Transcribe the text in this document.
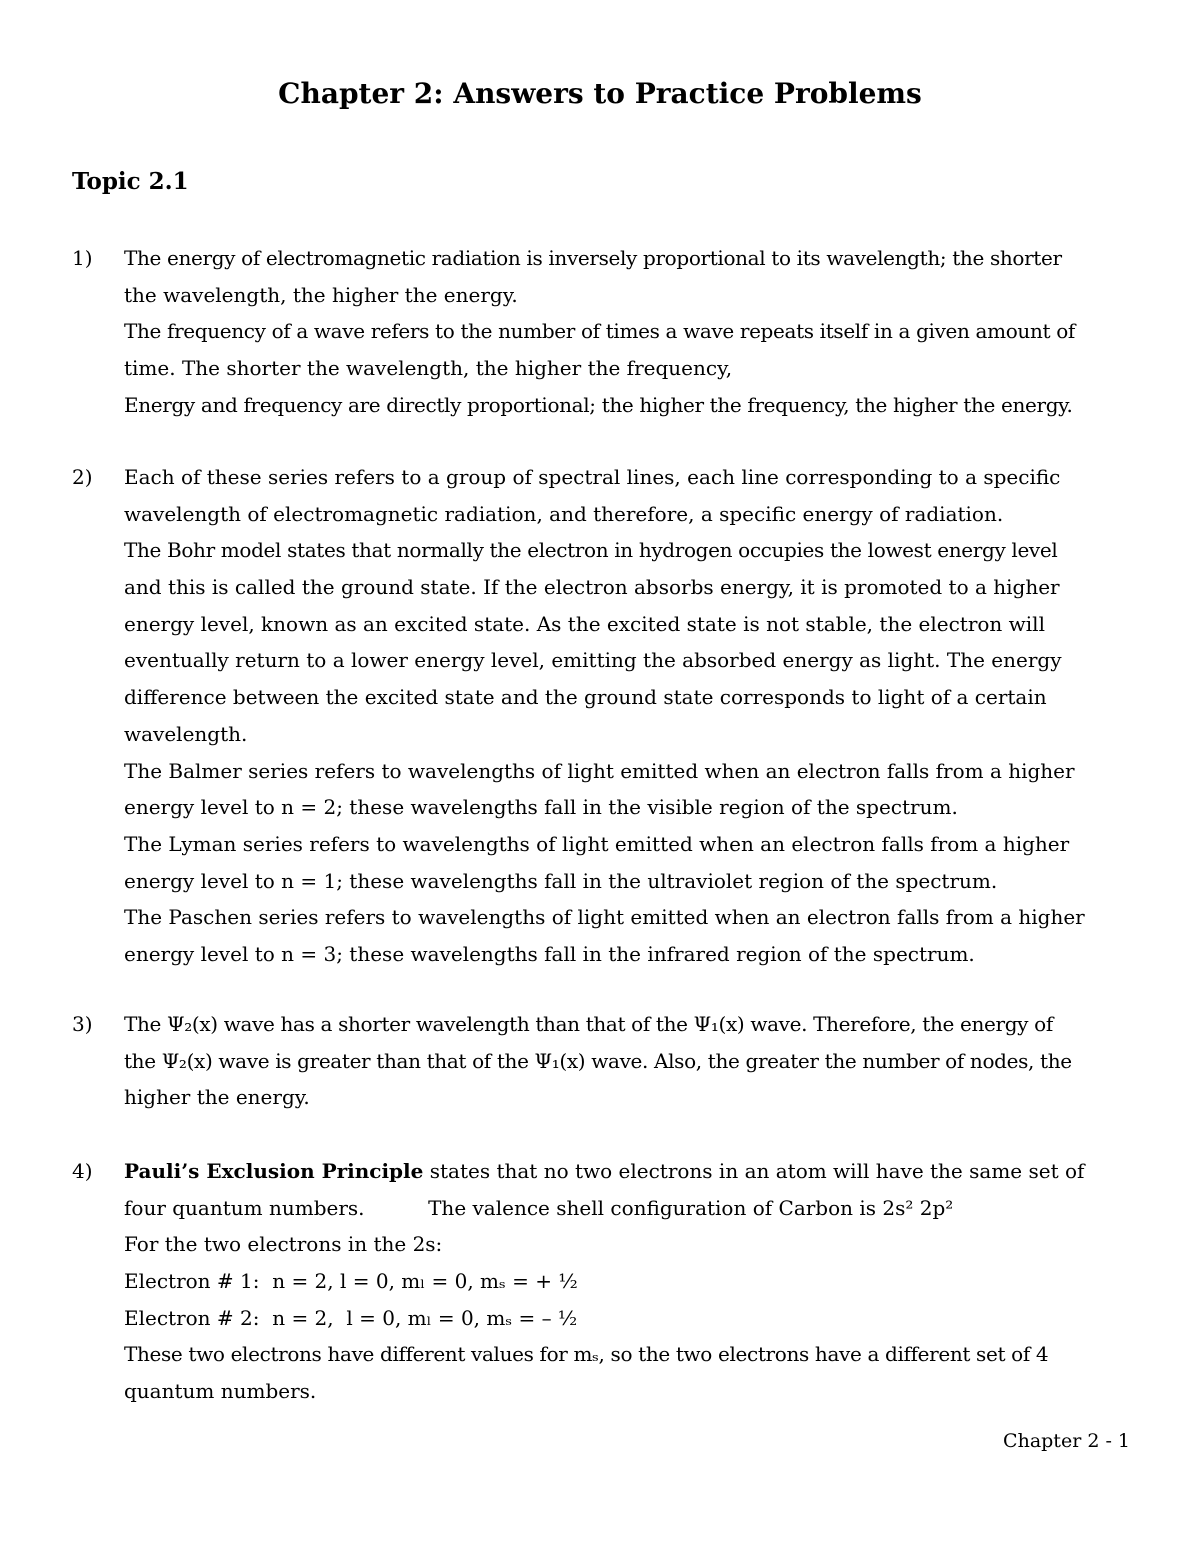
Chapter 2: Answers to Practice Problems
Topic 2.1
1) The energy of electromagnetic radiation is inversely proportional to its wavelength; the shorter
the wavelength, the higher the energy.
The frequency of a wave refers to the number of times a wave repeats itself in a given amount of
time. The shorter the wavelength, the higher the frequency,
Energy and frequency are directly proportional; the higher the frequency, the higher the energy.
2) Each of these series refers to a group of spectral lines, each line corresponding to a specific
wavelength of electromagnetic radiation, and therefore, a specific energy of radiation.
The Bohr model states that normally the electron in hydrogen occupies the lowest energy level
and this is called the ground state. If the electron absorbs energy, it is promoted to a higher
energy level, known as an excited state. As the excited state is not stable, the electron will
eventually return to a lower energy level, emitting the absorbed energy as light. The energy
difference between the excited state and the ground state corresponds to light of a certain
wavelength.
The Balmer series refers to wavelengths of light emitted when an electron falls from a higher
energy level to n = 2; these wavelengths fall in the visible region of the spectrum.
The Lyman series refers to wavelengths of light emitted when an electron falls from a higher
energy level to n = 1; these wavelengths fall in the ultraviolet region of the spectrum.
The Paschen series refers to wavelengths of light emitted when an electron falls from a higher
energy level to n = 3; these wavelengths fall in the infrared region of the spectrum.
3) The Ψ₂(x) wave has a shorter wavelength than that of the Ψ₁(x) wave. Therefore, the energy of
the Ψ₂(x) wave is greater than that of the Ψ₁(x) wave. Also, the greater the number of nodes, the
higher the energy.
4) Pauli’s Exclusion Principle states that no two electrons in an atom will have the same set of
four quantum numbers.          The valence shell configuration of Carbon is 2s² 2p²
For the two electrons in the 2s:
Electron # 1:  n = 2, l = 0, mₗ = 0, mₛ = + ½
Electron # 2:  n = 2,  l = 0, mₗ = 0, mₛ = – ½
These two electrons have different values for mₛ, so the two electrons have a different set of 4
quantum numbers.
Chapter 2 - 1
